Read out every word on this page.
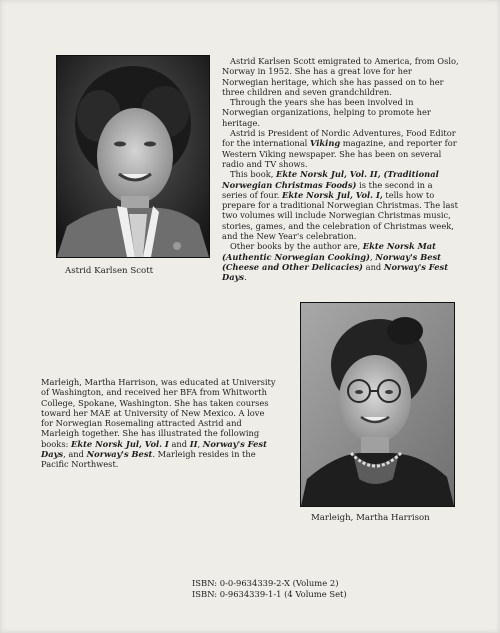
Astrid Karlsen Scott

Astrid Karlsen Scott emigrated to America, from Oslo, Norway in 1952. She has a great love for her Norwegian heritage, which she has passed on to her three children and seven grandchildren.

Through the years she has been involved in Norwegian organizations, helping to promote her heritage.

Astrid is President of Nordic Adventures, Food Editor for the international Viking magazine, and reporter for Western Viking newspaper. She has been on several radio and TV shows.

This book, Ekte Norsk Jul, Vol. II, (Traditional Norwegian Christmas Foods) is the second in a series of four. Ekte Norsk Jul, Vol. I, tells how to prepare for a traditional Norwegian Christmas. The last two volumes will include Norwegian Christmas music, stories, games, and the celebration of Christmas week, and the New Year's celebration.

Other books by the author are, Ekte Norsk Mat (Authentic Norwegian Cooking), Norway's Best (Cheese and Other Delicacies) and Norway's Fest Days.

Marleigh, Martha Harrison

Marleigh, Martha Harrison, was educated at University of Washington, and received her BFA from Whitworth College, Spokane, Washington. She has taken courses toward her MAE at University of New Mexico. A love for Norwegian Rosemaling attracted Astrid and Marleigh together. She has illustrated the following books: Ekte Norsk Jul, Vol. I and II, Norway's Fest Days, and Norway's Best. Marleigh resides in the Pacific Northwest.

ISBN: 0-0-9634339-2-X (Volume 2)
ISBN: 0-9634339-1-1 (4 Volume Set)
